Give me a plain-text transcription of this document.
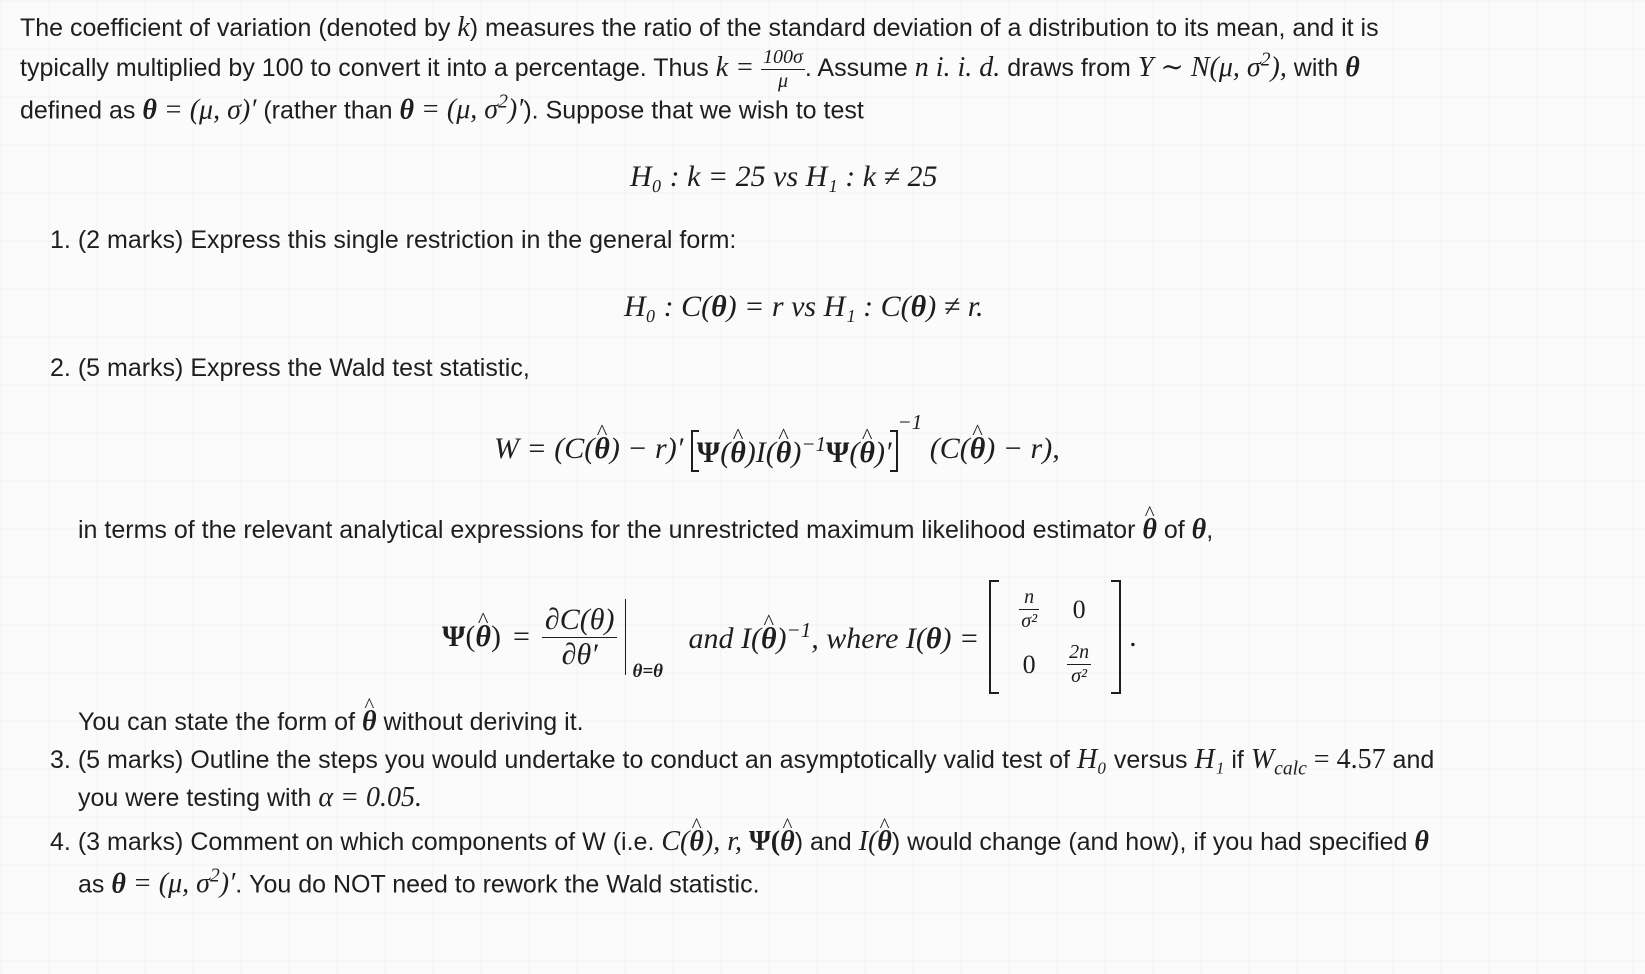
The coefficient of variation (denoted by k) measures the ratio of the standard deviation of a distribution to its mean, and it is
typically multiplied by 100 to convert it into a percentage. Thus $k = \frac{100\sigma}{\mu}$ . Assume n i. i. d. draws from Y ∼ N(μ, $\sigma^2$), with θ
defined as θ = (μ, σ)′ (rather than θ = (μ, $\sigma^2)'$). Suppose that we wish to test
H₀ : k = 25 vs H₁ : k ≠ 25
1. (2 marks) Express this single restriction in the general form:
H₀ : C(θ) = r vs H₁ : C(θ) ≠ r.
2. (5 marks) Express the Wald test statistic,
W = (C(θ ^) − r)′ Ψ(θ ^)I(θ ^)$^{-1}$Ψ(θ $\^{})'^{-1}$ (C(θ ^) − r),
in terms of the relevant analytical expressions for the unrestricted maximum likelihood estimator θ ^ of θ,
Ψ ( θ ^ ) = $\frac{\partial C(\theta)}{\partial\theta'} \theta=\theta$
and I(θ ^)$^{-1}$, where I(θ) =
$\frac{n}{\text{σ²}}$	0
0	$\frac{2n}{\text{σ²}}$
.
You can state the form of θ ^ without deriving it.
3. (5 marks) Outline the steps you would undertake to conduct an asymptotically valid test of H₀ versus H₁ if $W_{calc} = 4.57$ and
you were testing with α = 0.05.
4. (3 marks) Comment on which components of W (i.e. C(θ ^), r, Ψ(θ ^) and I(θ ^) would change (and how), if you had specified θ
as θ = (μ, $\sigma^2)'$. You do NOT need to rework the Wald statistic.
